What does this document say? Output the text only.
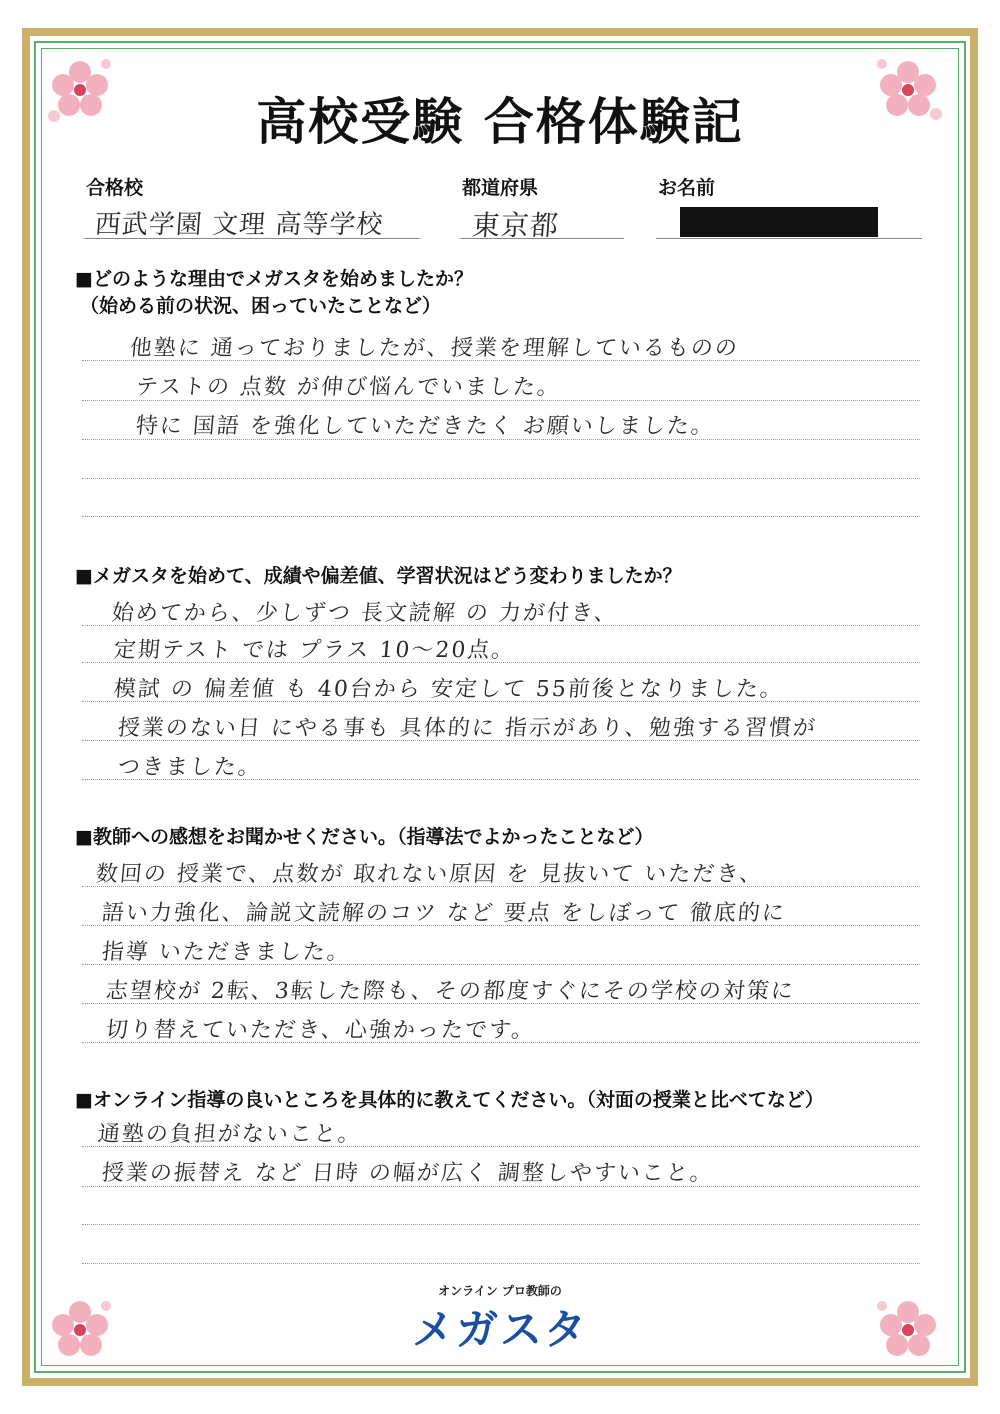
高校受験 合格体験記
合格校
西武学園 文理 高等学校
都道府県
東京都
お名前
■どのような理由でメガスタを始めましたか？
（始める前の状況、困っていたことなど）
他塾に 通っておりましたが、授業を理解しているものの
テストの 点数 が伸び悩んでいました。
特に 国語 を強化していただきたく お願いしました。
■メガスタを始めて、成績や偏差値、学習状況はどう変わりましたか？
始めてから、少しずつ 長文読解 の 力が付き、
定期テスト では プラス 10～20点。
模試 の 偏差値 も 40台から 安定して 55前後となりました。
授業のない日 にやる事も 具体的に 指示があり、勉強する習慣が
つきました。
■教師への感想をお聞かせください。（指導法でよかったことなど）
数回の 授業で、点数が 取れない原因 を 見抜いて いただき、
語い力強化、論説文読解のコツ など 要点 をしぼって 徹底的に
指導 いただきました。
志望校が 2転、3転した際も、その都度すぐにその学校の対策に
切り替えていただき、心強かったです。
■オンライン指導の良いところを具体的に教えてください。（対面の授業と比べてなど）
通塾の負担がないこと。
授業の振替え など 日時 の幅が広く 調整しやすいこと。
オンライン プロ教師の
メガスタ
